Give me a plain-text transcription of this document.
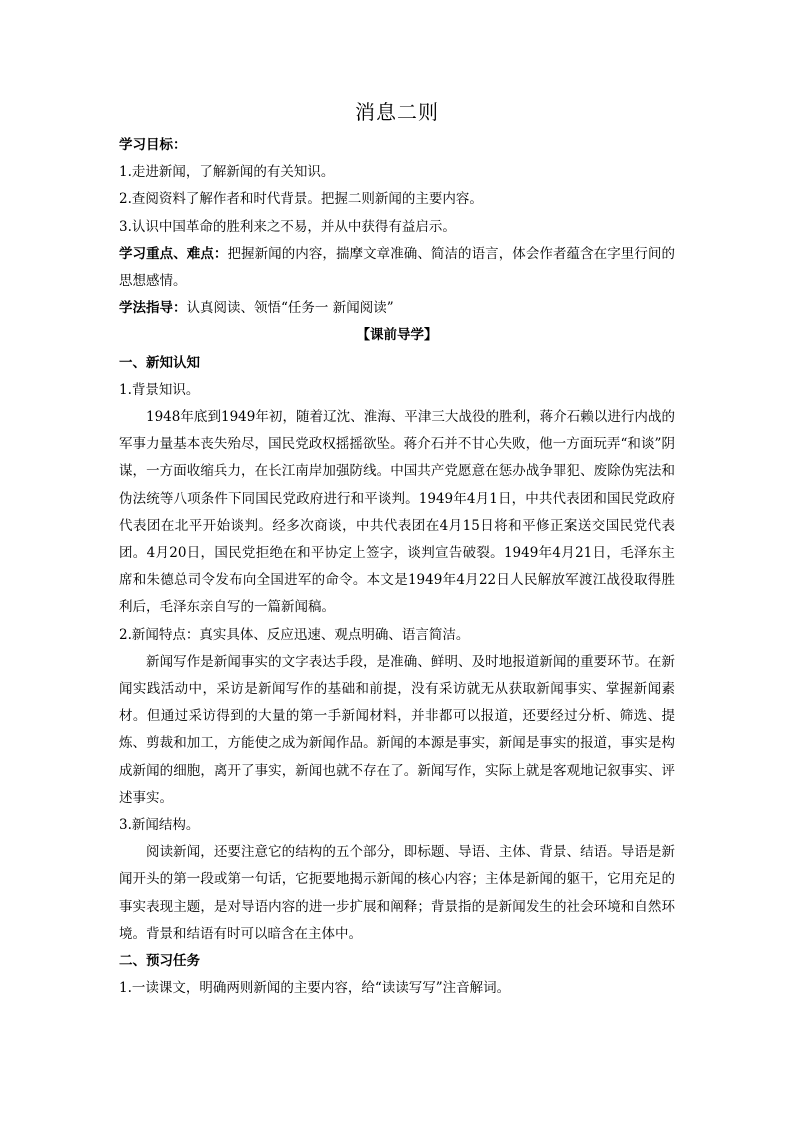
消息二则

学习目标：

1.走进新闻，了解新闻的有关知识。

2.查阅资料了解作者和时代背景。把握二则新闻的主要内容。

3.认识中国革命的胜利来之不易，并从中获得有益启示。

学习重点、难点：把握新闻的内容，揣摩文章准确、简洁的语言，体会作者蕴含在字里行间的思想感情。

学法指导：认真阅读、领悟“任务一 新闻阅读”

【课前导学】

一、新知认知

1.背景知识。

1948年底到1949年初，随着辽沈、淮海、平津三大战役的胜利，蒋介石赖以进行内战的军事力量基本丧失殆尽，国民党政权摇摇欲坠。蒋介石并不甘心失败，他一方面玩弄“和谈”阴谋，一方面收缩兵力，在长江南岸加强防线。中国共产党愿意在惩办战争罪犯、废除伪宪法和伪法统等八项条件下同国民党政府进行和平谈判。1949年4月1日，中共代表团和国民党政府代表团在北平开始谈判。经多次商谈，中共代表团在4月15日将和平修正案送交国民党代表团。4月20日，国民党拒绝在和平协定上签字，谈判宣告破裂。1949年4月21日，毛泽东主席和朱德总司令发布向全国进军的命令。本文是1949年4月22日人民解放军渡江战役取得胜利后，毛泽东亲自写的一篇新闻稿。

2.新闻特点：真实具体、反应迅速、观点明确、语言简洁。

新闻写作是新闻事实的文字表达手段，是准确、鲜明、及时地报道新闻的重要环节。在新闻实践活动中，采访是新闻写作的基础和前提，没有采访就无从获取新闻事实、掌握新闻素材。但通过采访得到的大量的第一手新闻材料，并非都可以报道，还要经过分析、筛选、提炼、剪裁和加工，方能使之成为新闻作品。新闻的本源是事实，新闻是事实的报道，事实是构成新闻的细胞，离开了事实，新闻也就不存在了。新闻写作，实际上就是客观地记叙事实、评述事实。

3.新闻结构。

阅读新闻，还要注意它的结构的五个部分，即标题、导语、主体、背景、结语。导语是新闻开头的第一段或第一句话，它扼要地揭示新闻的核心内容；主体是新闻的躯干，它用充足的事实表现主题，是对导语内容的进一步扩展和阐释；背景指的是新闻发生的社会环境和自然环境。背景和结语有时可以暗含在主体中。

二、预习任务

1.一读课文，明确两则新闻的主要内容，给“读读写写”注音解词。
